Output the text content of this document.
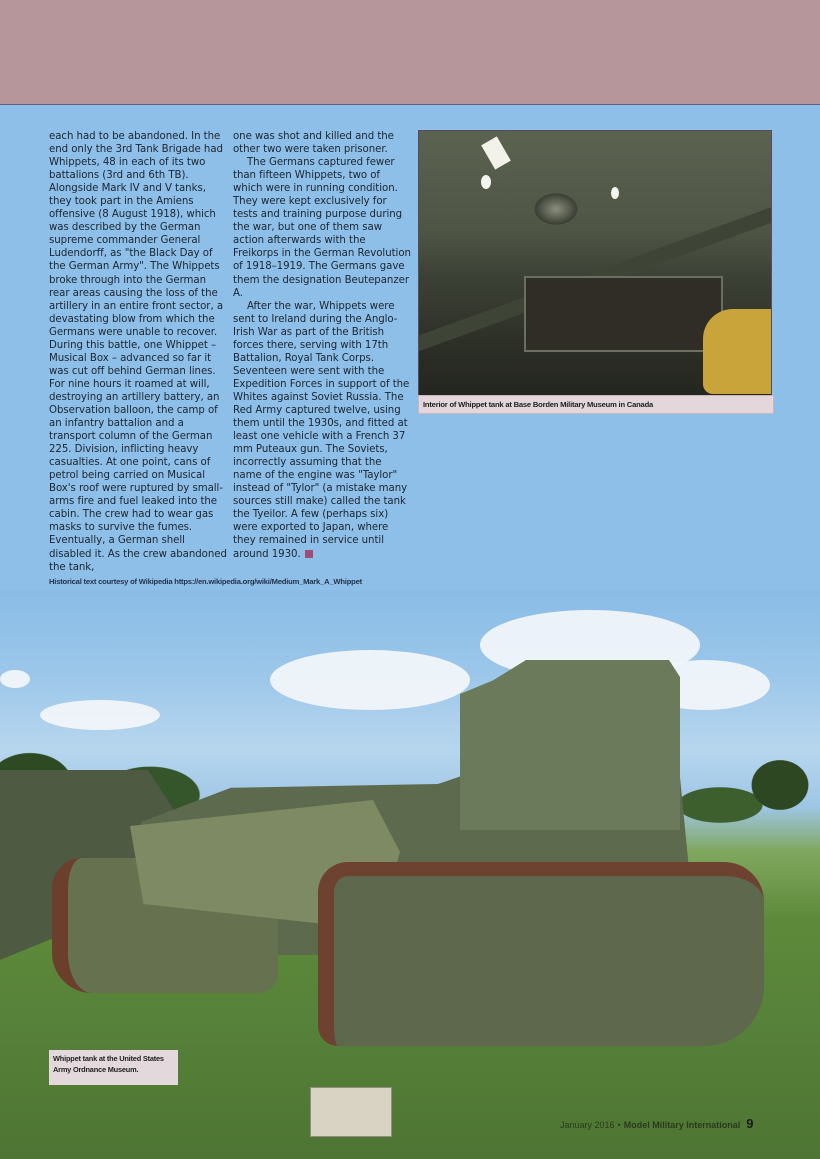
each had to be abandoned. In the end only the 3rd Tank Brigade had Whippets, 48 in each of its two battalions (3rd and 6th TB). Alongside Mark IV and V tanks, they took part in the Amiens offensive (8 August 1918), which was described by the German supreme commander General Ludendorff, as "the Black Day of the German Army". The Whippets broke through into the German rear areas causing the loss of the artillery in an entire front sector, a devastating blow from which the Germans were unable to recover. During this battle, one Whippet – Musical Box – advanced so far it was cut off behind German lines. For nine hours it roamed at will, destroying an artillery battery, an Observation balloon, the camp of an infantry battalion and a transport column of the German 225. Division, inflicting heavy casualties. At one point, cans of petrol being carried on Musical Box's roof were ruptured by small-arms fire and fuel leaked into the cabin. The crew had to wear gas masks to survive the fumes. Eventually, a German shell disabled it. As the crew abandoned the tank,

one was shot and killed and the other two were taken prisoner.

The Germans captured fewer than fifteen Whippets, two of which were in running condition. They were kept exclusively for tests and training purpose during the war, but one of them saw action afterwards with the Freikorps in the German Revolution of 1918–1919. The Germans gave them the designation Beutepanzer A.

After the war, Whippets were sent to Ireland during the Anglo-Irish War as part of the British forces there, serving with 17th Battalion, Royal Tank Corps. Seventeen were sent with the Expedition Forces in support of the Whites against Soviet Russia. The Red Army captured twelve, using them until the 1930s, and fitted at least one vehicle with a French 37 mm Puteaux gun. The Soviets, incorrectly assuming that the name of the engine was "Taylor" instead of "Tylor" (a mistake many sources still make) called the tank the Tyeilor. A few (perhaps six) were exported to Japan, where they remained in service until around 1930.

Interior of Whippet tank at Base Borden Military Museum in Canada
Historical text courtesy of Wikipedia https://en.wikipedia.org/wiki/Medium_Mark_A_Whippet
Whippet tank at the United States Army Ordnance Museum.
January 2016 • Model Military International 9
